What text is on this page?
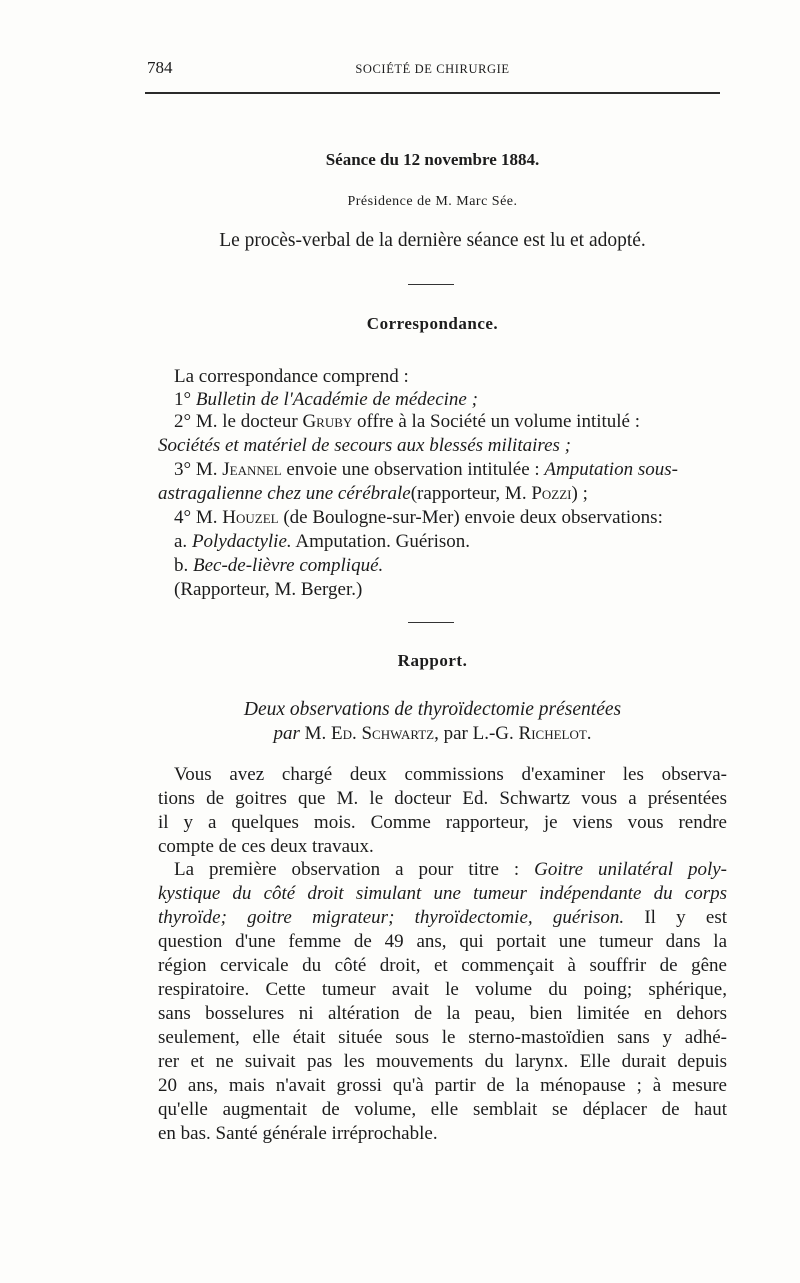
784	SOCIÉTÉ DE CHIRURGIE
Séance du 12 novembre 1884.
Présidence de M. Marc Sée.
Le procès-verbal de la dernière séance est lu et adopté.
Correspondance.
La correspondance comprend :
1° Bulletin de l'Académie de médecine ;
2° M. le docteur Gruby offre à la Société un volume intitulé :
Sociétés et matériel de secours aux blessés militaires ;
3° M. Jeannel envoie une observation intitulée : Amputation sous-
astragalienne chez une cérébrale(rapporteur, M. Pozzi) ;
4° M. Houzel (de Boulogne-sur-Mer) envoie deux observations:
a. Polydactylie. Amputation. Guérison.
b. Bec-de-lièvre compliqué.
(Rapporteur, M. Berger.)
Rapport.
Deux observations de thyroïdectomie présentées
par M. Ed. Schwartz, par L.-G. Richelot.
Vous avez chargé deux commissions d'examiner les observa-
tions de goitres que M. le docteur Ed. Schwartz vous a présentées
il y a quelques mois. Comme rapporteur, je viens vous rendre
compte de ces deux travaux.
La première observation a pour titre : Goitre unilatéral poly-
kystique du côté droit simulant une tumeur indépendante du corps
thyroïde; goitre migrateur; thyroïdectomie, guérison. Il y est
question d'une femme de 49 ans, qui portait une tumeur dans la
région cervicale du côté droit, et commençait à souffrir de gêne
respiratoire. Cette tumeur avait le volume du poing; sphérique,
sans bosselures ni altération de la peau, bien limitée en dehors
seulement, elle était située sous le sterno-mastoïdien sans y adhé-
rer et ne suivait pas les mouvements du larynx. Elle durait depuis
20 ans, mais n'avait grossi qu'à partir de la ménopause ; à mesure
qu'elle augmentait de volume, elle semblait se déplacer de haut
en bas. Santé générale irréprochable.
